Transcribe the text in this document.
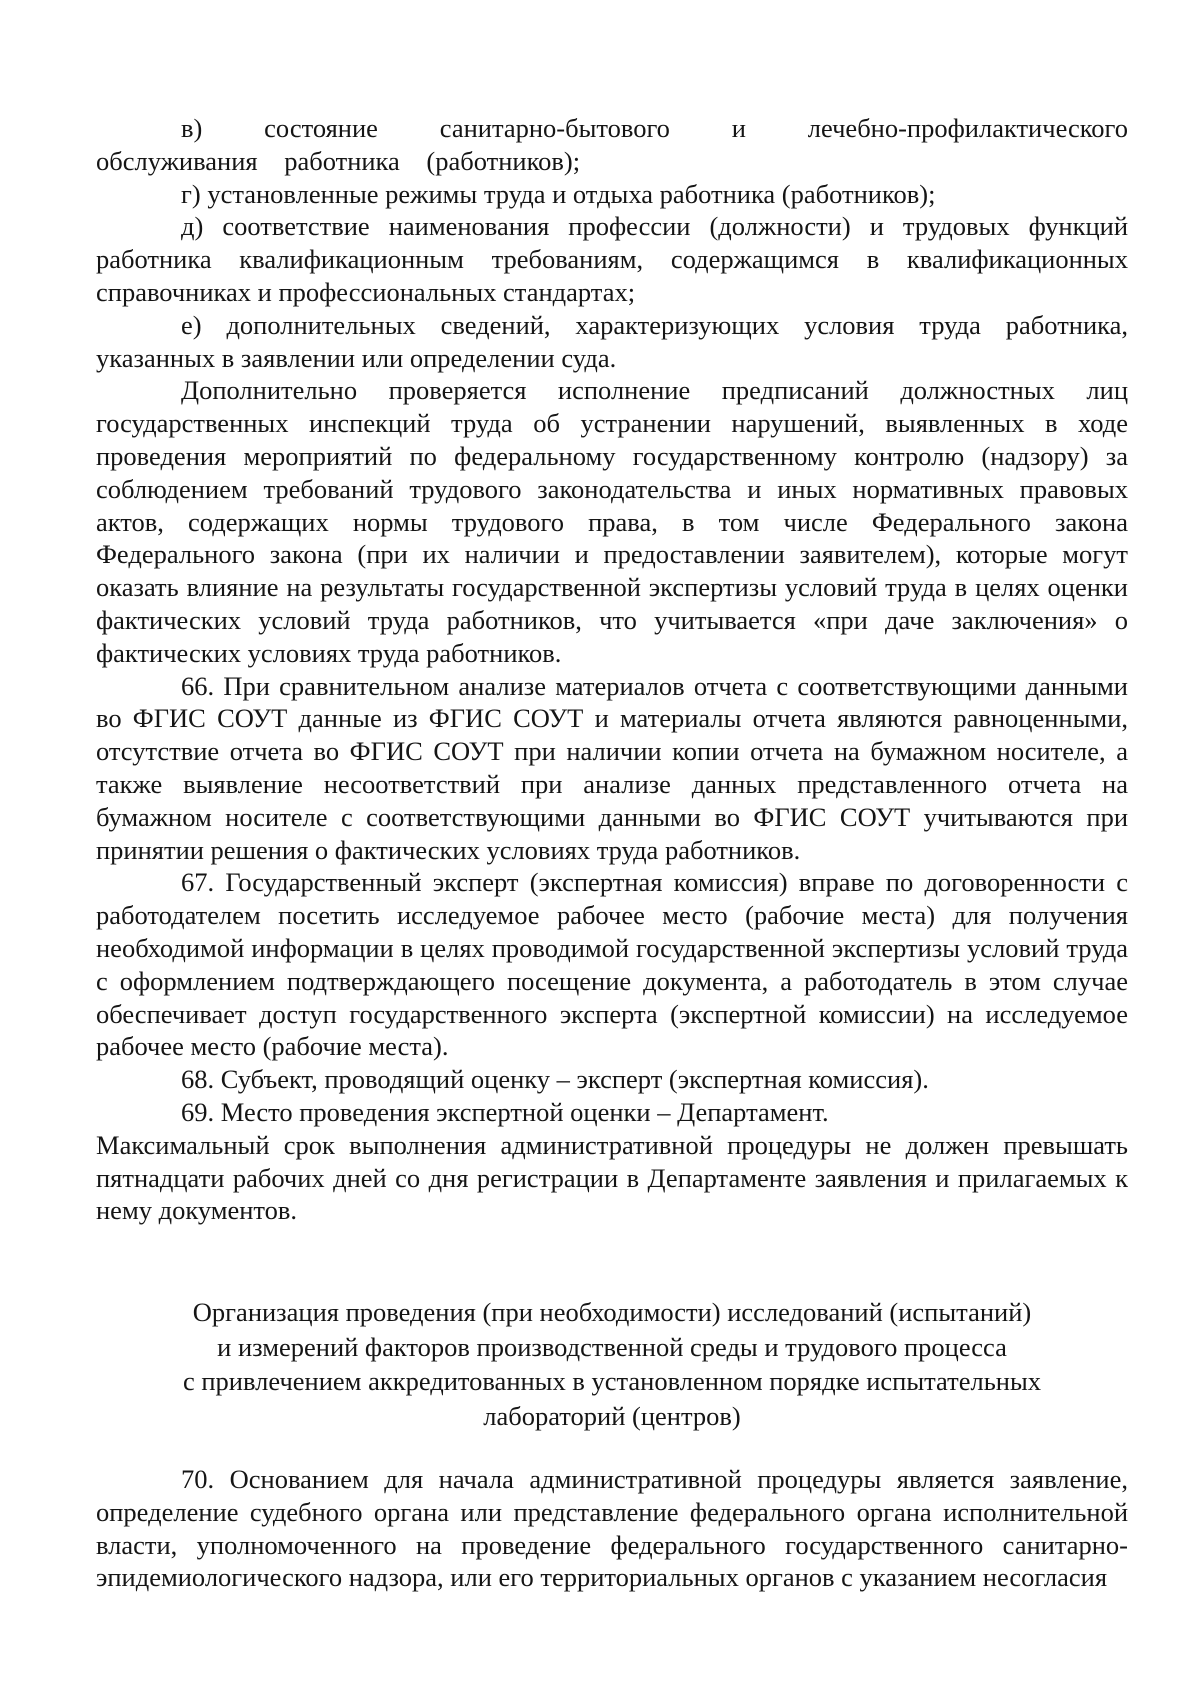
в) состояние санитарно-бытового и лечебно-профилактического обслуживания работника (работников);

г) установленные режимы труда и отдыха работника (работников);

д) соответствие наименования профессии (должности) и трудовых функций работника квалификационным требованиям, содержащимся в квалификационных справочниках и профессиональных стандартах;

е) дополнительных сведений, характеризующих условия труда работника, указанных в заявлении или определении суда.

Дополнительно проверяется исполнение предписаний должностных лиц государственных инспекций труда об устранении нарушений, выявленных в ходе проведения мероприятий по федеральному государственному контролю (надзору) за соблюдением требований трудового законодательства и иных нормативных правовых актов, содержащих нормы трудового права, в том числе Федерального закона Федерального закона (при их наличии и предоставлении заявителем), которые могут оказать влияние на результаты государственной экспертизы условий труда в целях оценки фактических условий труда работников, что учитывается «при даче заключения» о фактических условиях труда работников.

66. При сравнительном анализе материалов отчета с соответствующими данными во ФГИС СОУТ данные из ФГИС СОУТ и материалы отчета являются равноценными, отсутствие отчета во ФГИС СОУТ при наличии копии отчета на бумажном носителе, а также выявление несоответствий при анализе данных представленного отчета на бумажном носителе с соответствующими данными во ФГИС СОУТ учитываются при принятии решения о фактических условиях труда работников.

67. Государственный эксперт (экспертная комиссия) вправе по договоренности с работодателем посетить исследуемое рабочее место (рабочие места) для получения необходимой информации в целях проводимой государственной экспертизы условий труда с оформлением подтверждающего посещение документа, а работодатель в этом случае обеспечивает доступ государственного эксперта (экспертной комиссии) на исследуемое рабочее место (рабочие места).

68. Субъект, проводящий оценку – эксперт (экспертная комиссия).

69. Место проведения экспертной оценки – Департамент.

Максимальный срок выполнения административной процедуры не должен превышать пятнадцати рабочих дней со дня регистрации в Департаменте заявления и прилагаемых к нему документов.

Организация проведения (при необходимости) исследований (испытаний)
и измерений факторов производственной среды и трудового процесса
с привлечением аккредитованных в установленном порядке испытательных
лабораторий (центров)

70. Основанием для начала административной процедуры является заявление, определение судебного органа или представление федерального органа исполнительной власти, уполномоченного на проведение федерального государственного санитарно-эпидемиологического надзора, или его территориальных органов с указанием несогласия
